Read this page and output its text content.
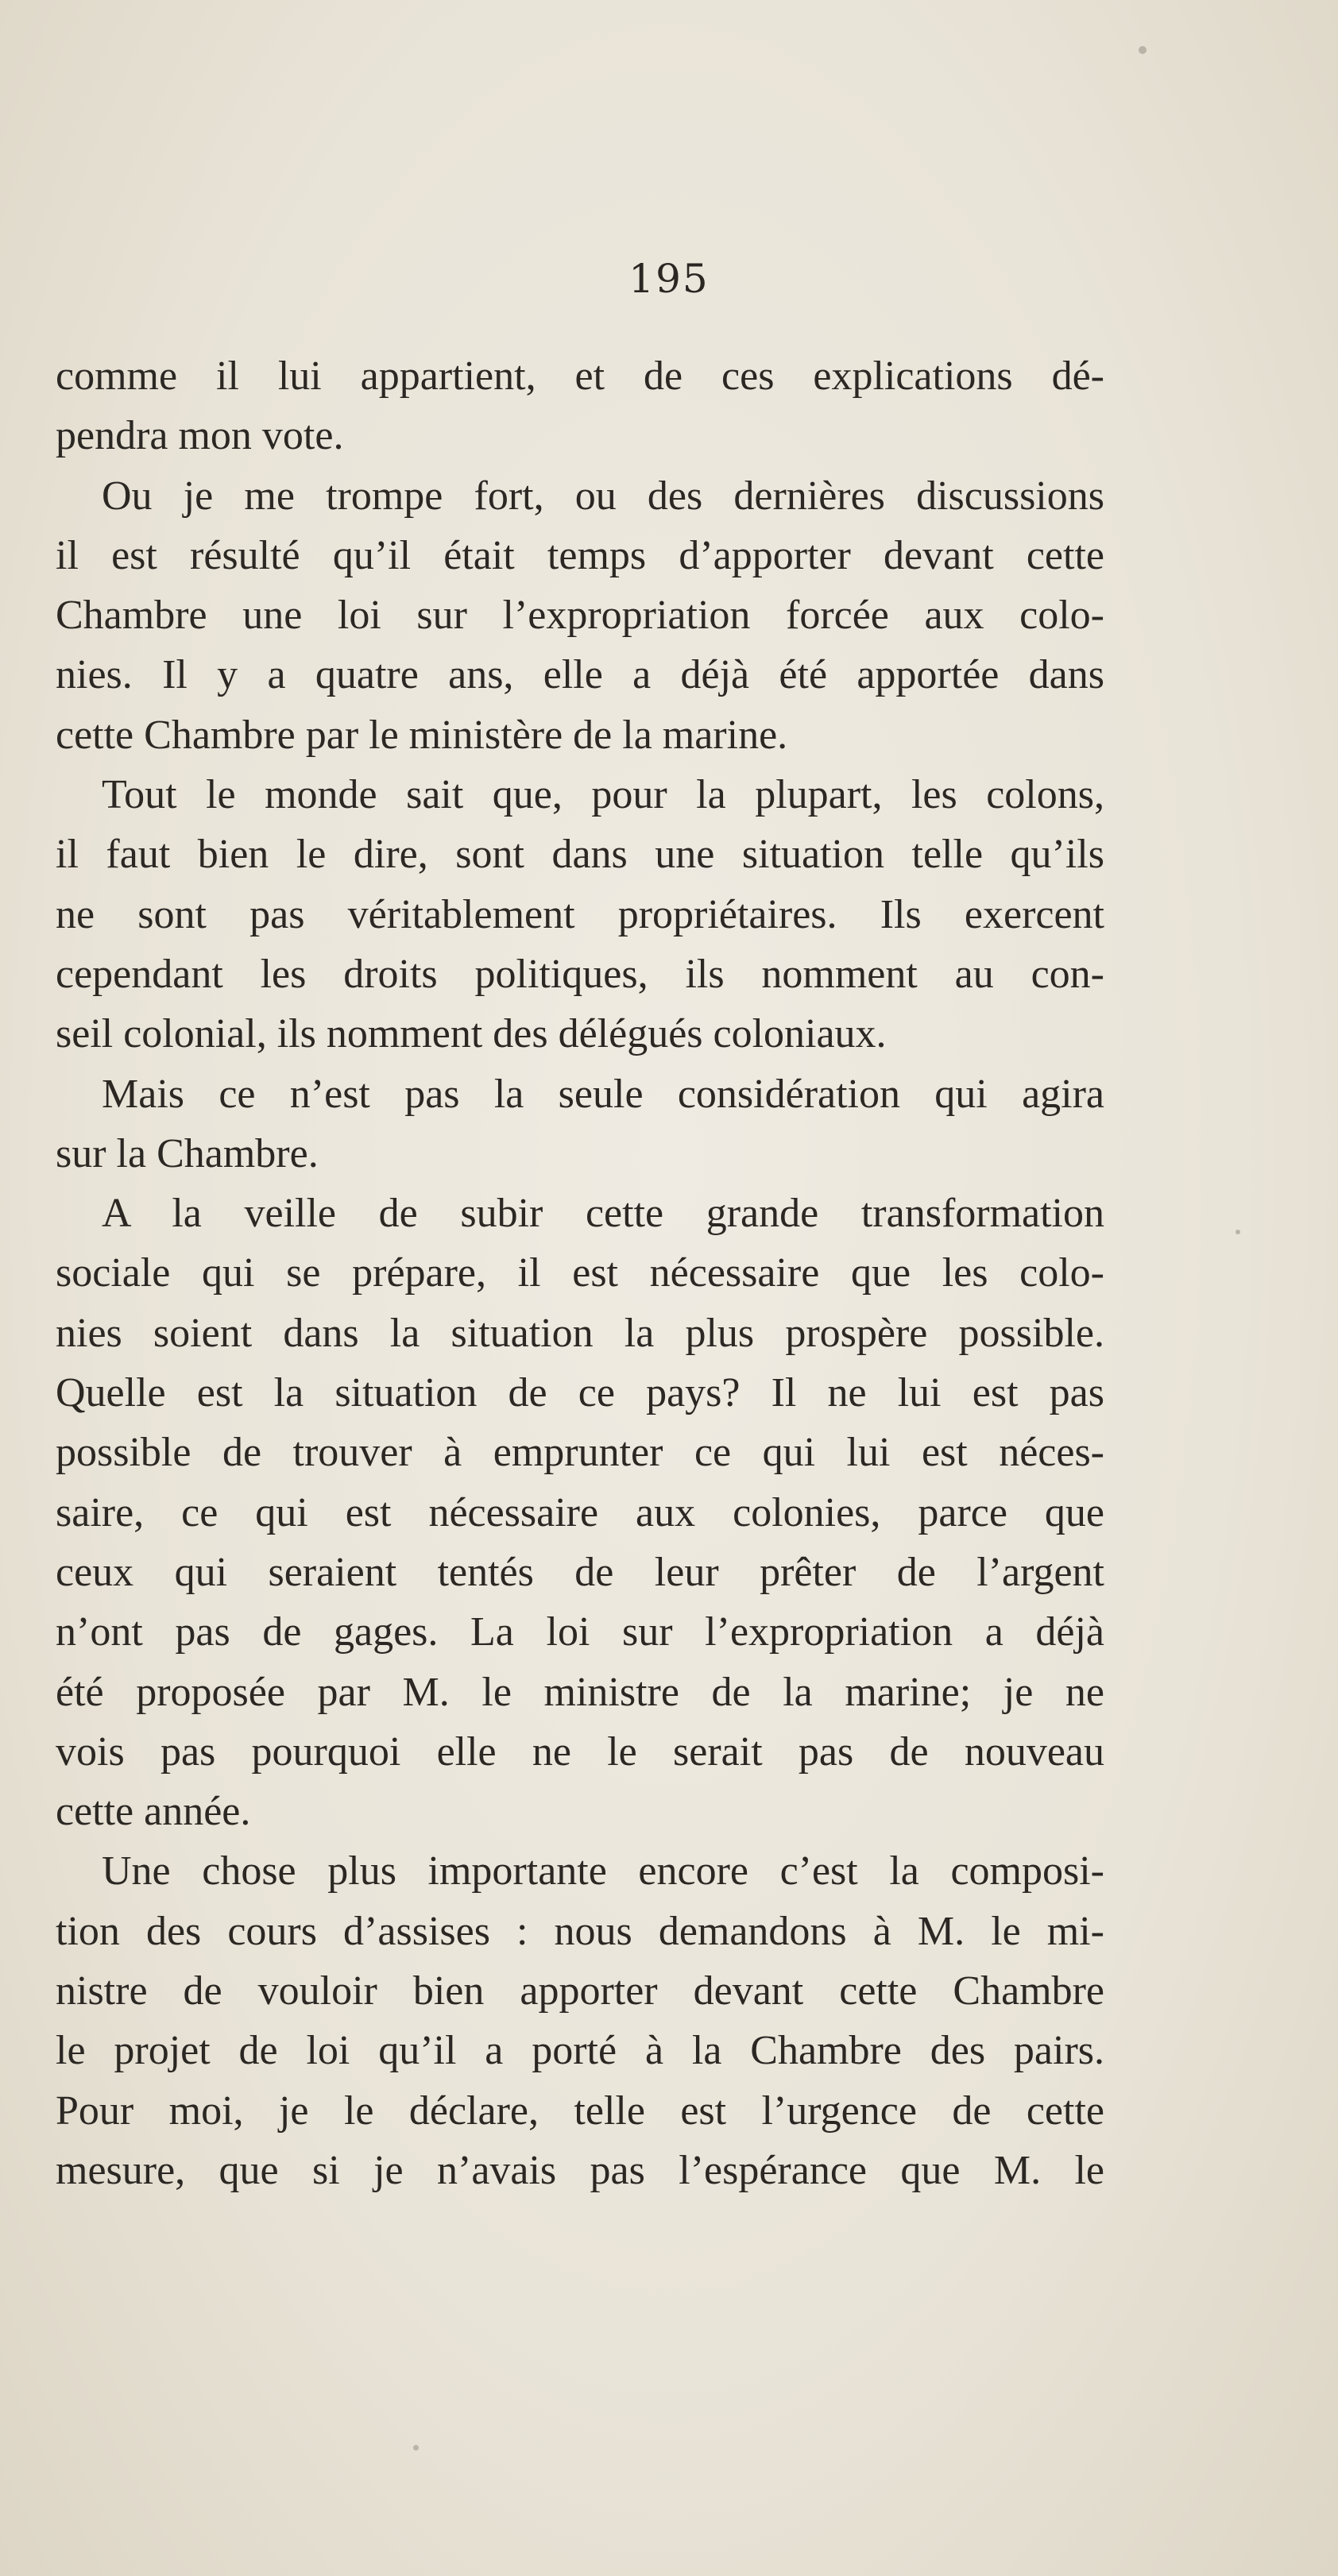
195
comme il lui appartient, et de ces explications dé-
pendra mon vote.
Ou je me trompe fort, ou des dernières discussions
il est résulté qu’il était temps d’apporter devant cette
Chambre une loi sur l’expropriation forcée aux colo-
nies. Il y a quatre ans, elle a déjà été apportée dans
cette Chambre par le ministère de la marine.
Tout le monde sait que, pour la plupart, les colons,
il faut bien le dire, sont dans une situation telle qu’ils
ne sont pas véritablement propriétaires. Ils exercent
cependant les droits politiques, ils nomment au con-
seil colonial, ils nomment des délégués coloniaux.
Mais ce n’est pas la seule considération qui agira
sur la Chambre.
A la veille de subir cette grande transformation
sociale qui se prépare, il est nécessaire que les colo-
nies soient dans la situation la plus prospère possible.
Quelle est la situation de ce pays? Il ne lui est pas
possible de trouver à emprunter ce qui lui est néces-
saire, ce qui est nécessaire aux colonies, parce que
ceux qui seraient tentés de leur prêter de l’argent
n’ont pas de gages. La loi sur l’expropriation a déjà
été proposée par M. le ministre de la marine; je ne
vois pas pourquoi elle ne le serait pas de nouveau
cette année.
Une chose plus importante encore c’est la composi-
tion des cours d’assises : nous demandons à M. le mi-
nistre de vouloir bien apporter devant cette Chambre
le projet de loi qu’il a porté à la Chambre des pairs.
Pour moi, je le déclare, telle est l’urgence de cette
mesure, que si je n’avais pas l’espérance que M. le
